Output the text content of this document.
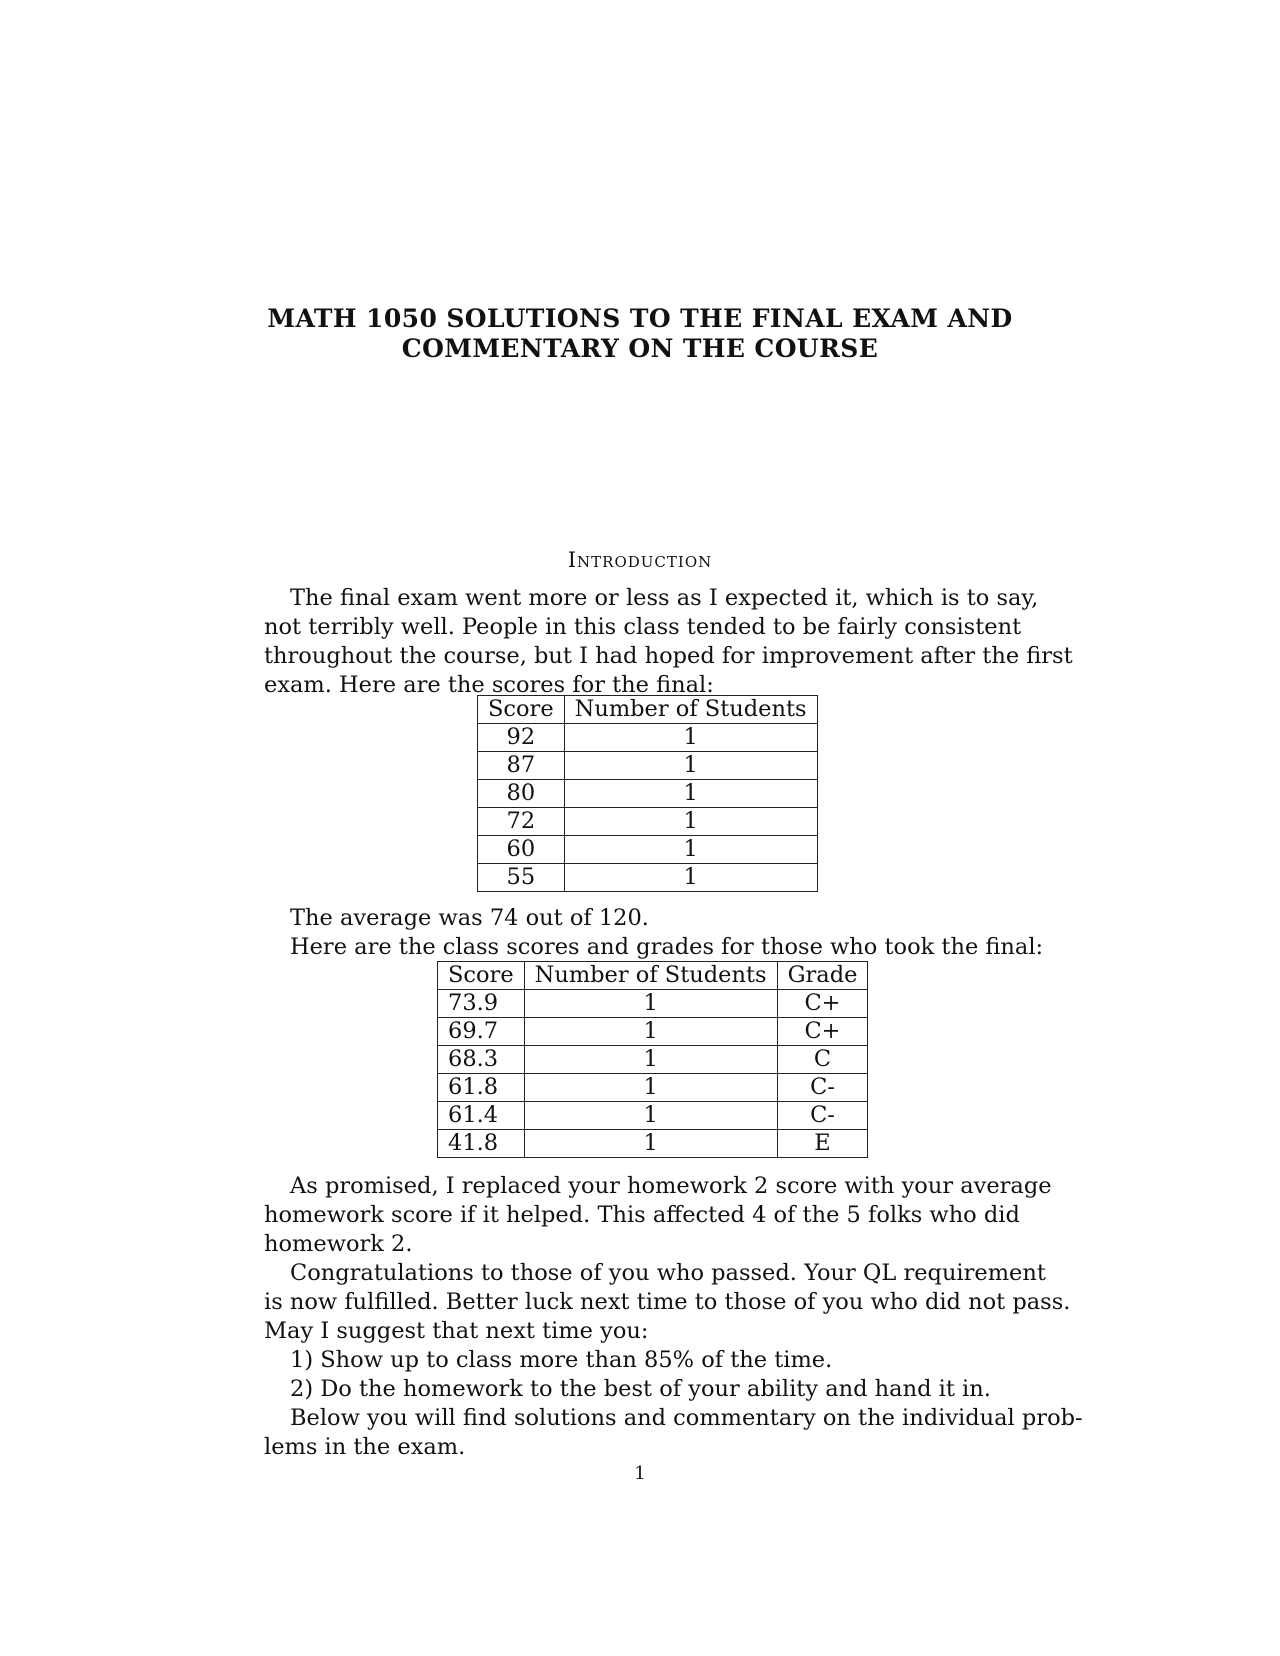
MATH 1050 SOLUTIONS TO THE FINAL EXAM AND
COMMENTARY ON THE COURSE
Introduction
The final exam went more or less as I expected it, which is to say,
not terribly well. People in this class tended to be fairly consistent
throughout the course, but I had hoped for improvement after the first
exam. Here are the scores for the final:
Score	Number of Students
92	1
87	1
80	1
72	1
60	1
55	1
The average was 74 out of 120.
Here are the class scores and grades for those who took the final:
Score	Number of Students	Grade
73.9	1	C+
69.7	1	C+
68.3	1	C
61.8	1	C-
61.4	1	C-
41.8	1	E
As promised, I replaced your homework 2 score with your average
homework score if it helped. This affected 4 of the 5 folks who did
homework 2.
Congratulations to those of you who passed. Your QL requirement
is now fulfilled. Better luck next time to those of you who did not pass.
May I suggest that next time you:
1) Show up to class more than 85% of the time.
2) Do the homework to the best of your ability and hand it in.
Below you will find solutions and commentary on the individual prob-
lems in the exam.
1
